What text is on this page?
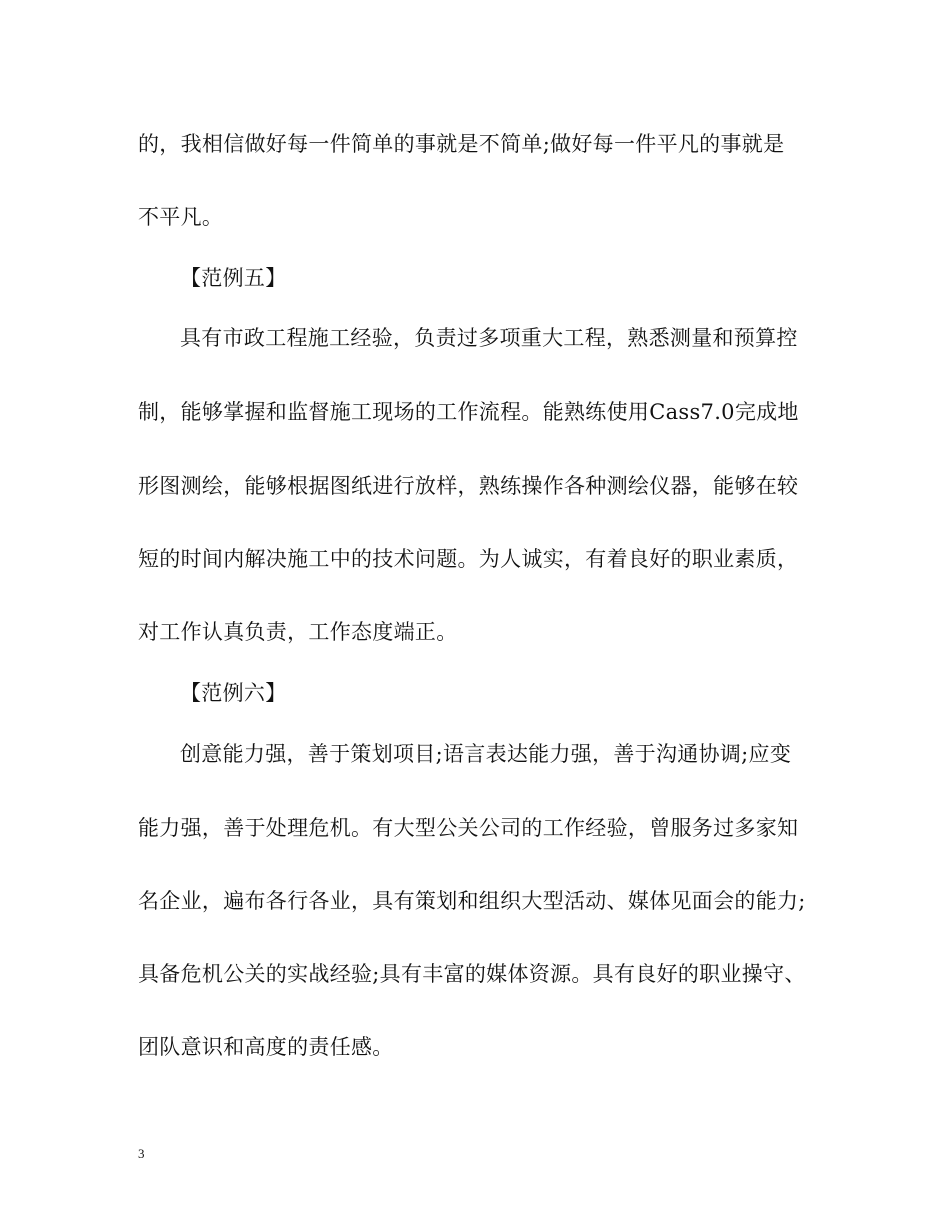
的，我相信做好每一件简单的事就是不简单;做好每一件平凡的事就是
不平凡。
【范例五】
具有市政工程施工经验，负责过多项重大工程，熟悉测量和预算控
制，能够掌握和监督施工现场的工作流程。能熟练使用Cass7.0完成地
形图测绘，能够根据图纸进行放样，熟练操作各种测绘仪器，能够在较
短的时间内解决施工中的技术问题。为人诚实，有着良好的职业素质，
对工作认真负责，工作态度端正。
【范例六】
创意能力强，善于策划项目;语言表达能力强，善于沟通协调;应变
能力强，善于处理危机。有大型公关公司的工作经验，曾服务过多家知
名企业，遍布各行各业，具有策划和组织大型活动、媒体见面会的能力;
具备危机公关的实战经验;具有丰富的媒体资源。具有良好的职业操守、
团队意识和高度的责任感。
3
